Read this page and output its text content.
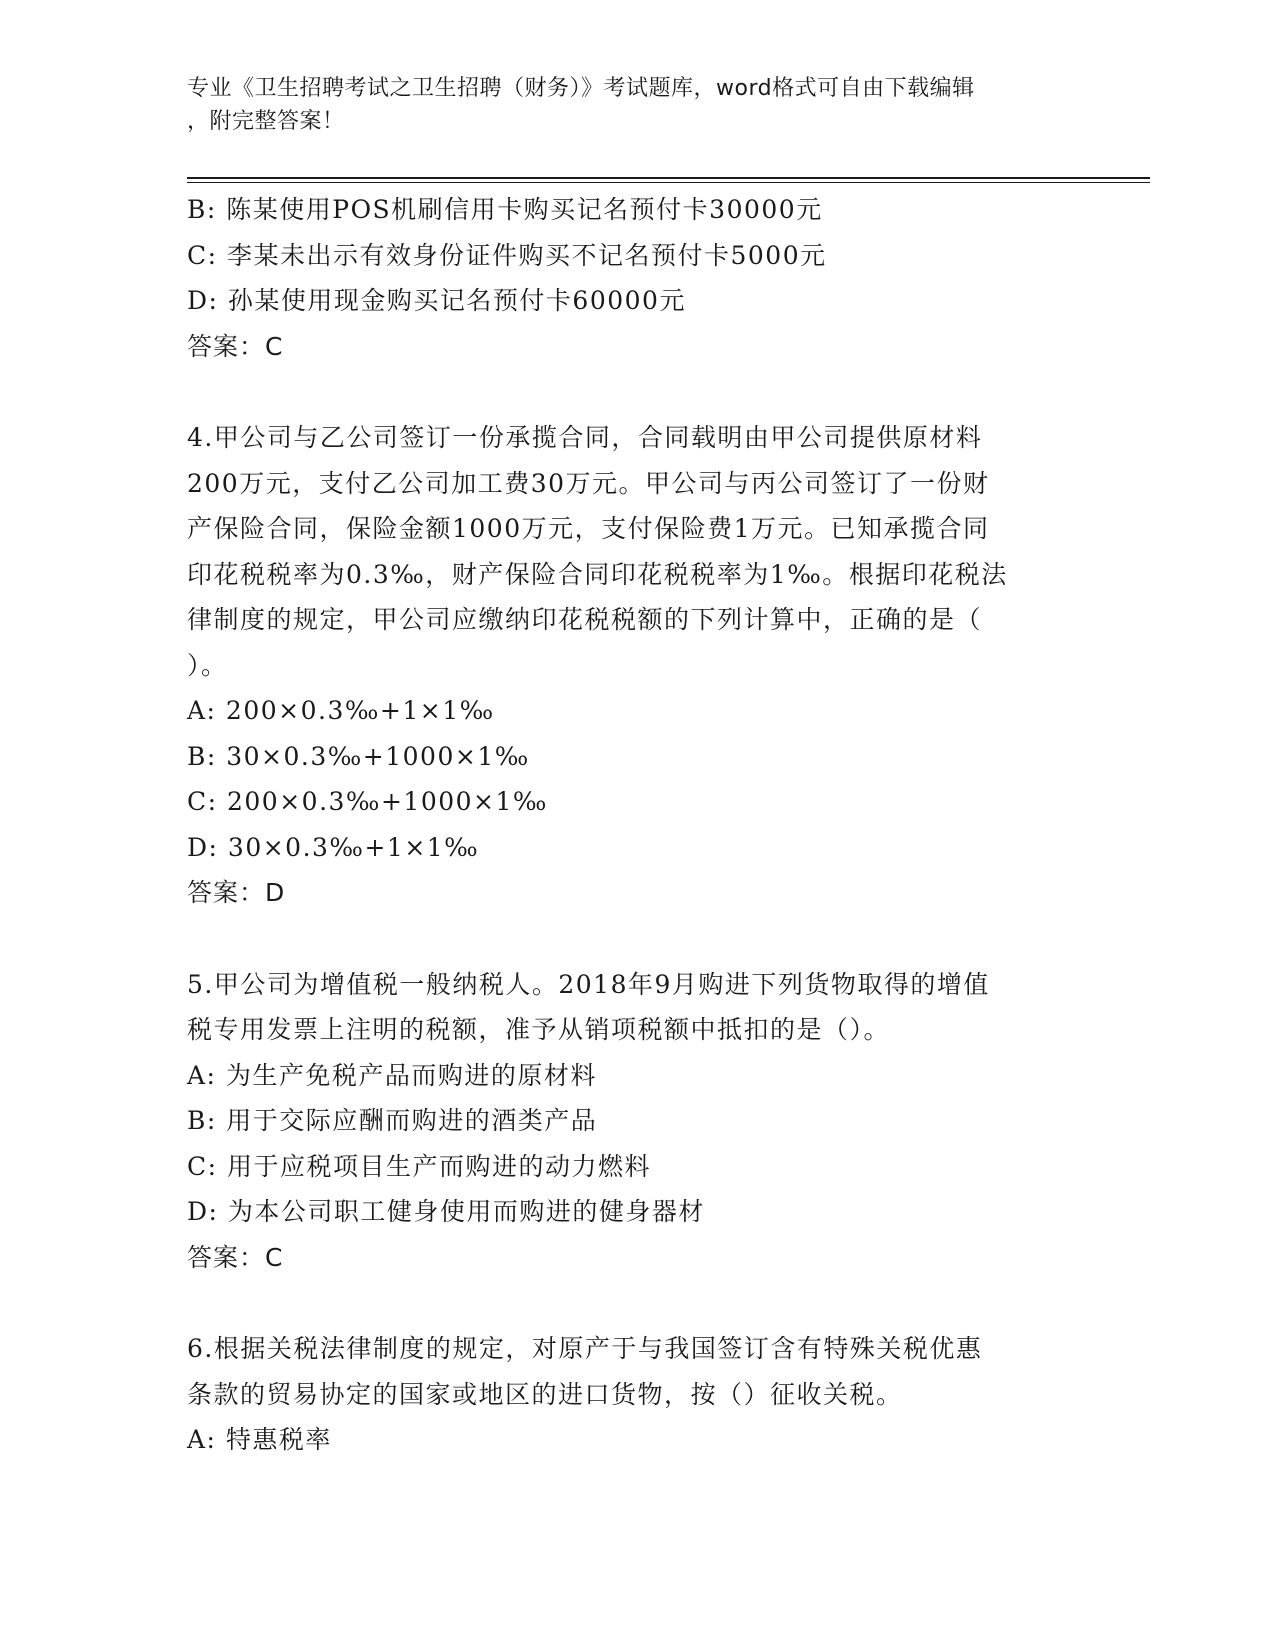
专业《卫生招聘考试之卫生招聘（财务）》考试题库，word格式可自由下载编辑
，附完整答案！
B: 陈某使用POS机刷信用卡购买记名预付卡30000元
C: 李某未出示有效身份证件购买不记名预付卡5000元
D: 孙某使用现金购买记名预付卡60000元
答案：C
4.甲公司与乙公司签订一份承揽合同，合同载明由甲公司提供原材料
200万元，支付乙公司加工费30万元。甲公司与丙公司签订了一份财
产保险合同，保险金额1000万元，支付保险费1万元。已知承揽合同
印花税税率为0.3‰，财产保险合同印花税税率为1‰。根据印花税法
律制度的规定，甲公司应缴纳印花税税额的下列计算中，正确的是（
）。
A: 200×0.3‰+1×1‰
B: 30×0.3‰+1000×1‰
C: 200×0.3‰+1000×1‰
D: 30×0.3‰+1×1‰
答案：D
5.甲公司为增值税一般纳税人。2018年9月购进下列货物取得的增值
税专用发票上注明的税额，准予从销项税额中抵扣的是（）。
A: 为生产免税产品而购进的原材料
B: 用于交际应酬而购进的酒类产品
C: 用于应税项目生产而购进的动力燃料
D: 为本公司职工健身使用而购进的健身器材
答案：C
6.根据关税法律制度的规定，对原产于与我国签订含有特殊关税优惠
条款的贸易协定的国家或地区的进口货物，按（）征收关税。
A: 特惠税率
